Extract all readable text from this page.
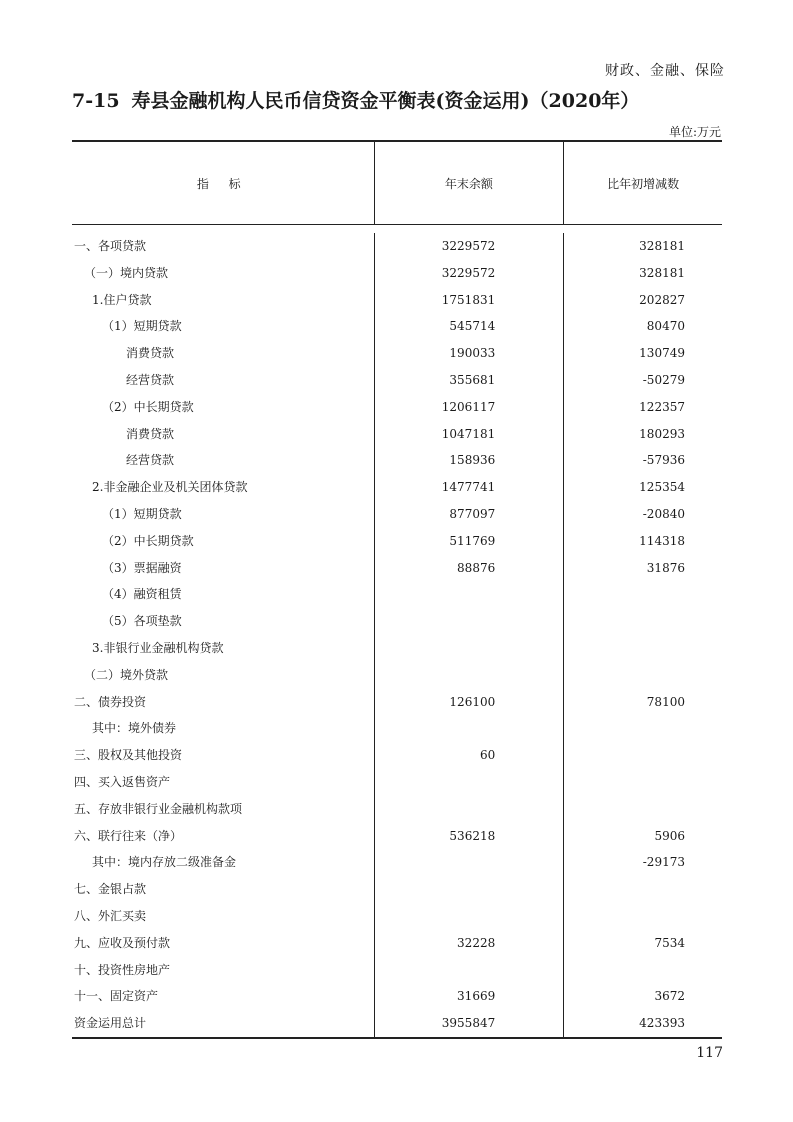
财政、金融、保险
7-15 寿县金融机构人民币信贷资金平衡表(资金运用)（2020年）
单位:万元
指 标	年末余额	比年初增减数
一、各项贷款
（一）境内贷款
1.住户贷款
（1）短期贷款
消费贷款
经营贷款
（2）中长期贷款
消费贷款
经营贷款
2.非金融企业及机关团体贷款
（1）短期贷款
（2）中长期贷款
（3）票据融资
（4）融资租赁
（5）各项垫款
3.非银行业金融机构贷款
（二）境外贷款
二、债券投资
其中：境外债券
三、股权及其他投资
四、买入返售资产
五、存放非银行业金融机构款项
六、联行往来（净）
其中：境内存放二级准备金
七、金银占款
八、外汇买卖
九、应收及预付款
十、投资性房地产
十一、固定资产
资金运用总计
3229572
3229572
1751831
545714
190033
355681
1206117
1047181
158936
1477741
877097
511769
88876
126100
60
536218
32228
31669
3955847
328181
328181
202827
80470
130749
-50279
122357
180293
-57936
125354
-20840
114318
31876
78100
5906
-29173
7534
3672
423393
117
